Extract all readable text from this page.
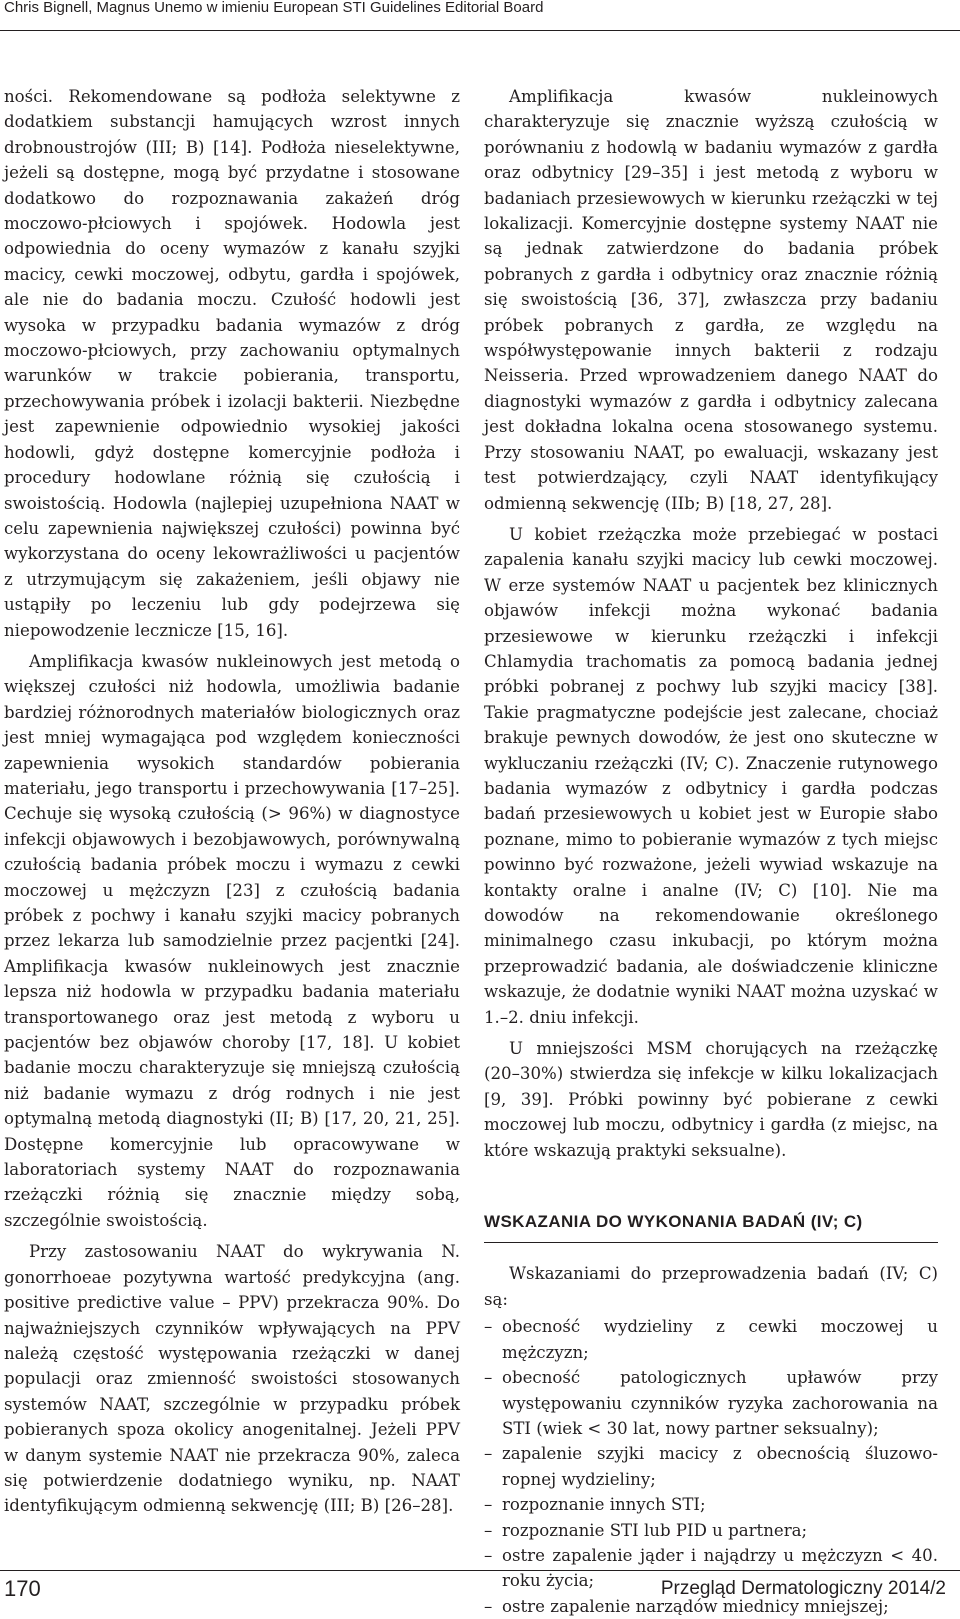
Chris Bignell, Magnus Unemo w imieniu European STI Guidelines Editorial Board

ności. Rekomendowane są podłoża selektywne z dodatkiem substancji hamujących wzrost innych drobnoustrojów (III; B) [14]. Podłoża nieselektywne, jeżeli są dostępne, mogą być przydatne i stosowane dodatkowo do rozpoznawania zakażeń dróg moczowo-płciowych i spojówek. Hodowla jest odpowiednia do oceny wymazów z kanału szyjki macicy, cewki moczowej, odbytu, gardła i spojówek, ale nie do badania moczu. Czułość hodowli jest wysoka w przypadku badania wymazów z dróg moczowo-płciowych, przy zachowaniu optymalnych warunków w trakcie pobierania, transportu, przechowywania próbek i izolacji bakterii. Niezbędne jest zapewnienie odpowiednio wysokiej jakości hodowli, gdyż dostępne komercyjnie podłoża i procedury hodowlane różnią się czułością i swoistością. Hodowla (najlepiej uzupełniona NAAT w celu zapewnienia największej czułości) powinna być wykorzystana do oceny lekowrażliwości u pacjentów z utrzymującym się zakażeniem, jeśli objawy nie ustąpiły po leczeniu lub gdy podejrzewa się niepowodzenie lecznicze [15, 16].

Amplifikacja kwasów nukleinowych jest metodą o większej czułości niż hodowla, umożliwia badanie bardziej różnorodnych materiałów biologicznych oraz jest mniej wymagająca pod względem konieczności zapewnienia wysokich standardów pobierania materiału, jego transportu i przechowywania [17–25]. Cechuje się wysoką czułością (> 96%) w diagnostyce infekcji objawowych i bezobjawowych, porównywalną czułością badania próbek moczu i wymazu z cewki moczowej u mężczyzn [23] z czułością badania próbek z pochwy i kanału szyjki macicy pobranych przez lekarza lub samodzielnie przez pacjentki [24]. Amplifikacja kwasów nukleinowych jest znacznie lepsza niż hodowla w przypadku badania materiału transportowanego oraz jest metodą z wyboru u pacjentów bez objawów choroby [17, 18]. U kobiet badanie moczu charakteryzuje się mniejszą czułością niż badanie wymazu z dróg rodnych i nie jest optymalną metodą diagnostyki (II; B) [17, 20, 21, 25]. Dostępne komercyjnie lub opracowywane w laboratoriach systemy NAAT do rozpoznawania rzeżączki różnią się znacznie między sobą, szczególnie swoistością.

Przy zastosowaniu NAAT do wykrywania N. gonorrhoeae pozytywna wartość predykcyjna (ang. positive predictive value – PPV) przekracza 90%. Do najważniejszych czynników wpływających na PPV należą częstość występowania rzeżączki w danej populacji oraz zmienność swoistości stosowanych systemów NAAT, szczególnie w przypadku próbek pobieranych spoza okolicy anogenitalnej. Jeżeli PPV w danym systemie NAAT nie przekracza 90%, zaleca się potwierdzenie dodatniego wyniku, np. NAAT identyfikującym odmienną sekwencję (III; B) [26–28].

Amplifikacja kwasów nukleinowych charakteryzuje się znacznie wyższą czułością w porównaniu z hodowlą w badaniu wymazów z gardła oraz odbytnicy [29–35] i jest metodą z wyboru w badaniach przesiewowych w kierunku rzeżączki w tej lokalizacji. Komercyjnie dostępne systemy NAAT nie są jednak zatwierdzone do badania próbek pobranych z gardła i odbytnicy oraz znacznie różnią się swoistością [36, 37], zwłaszcza przy badaniu próbek pobranych z gardła, ze względu na współwystępowanie innych bakterii z rodzaju Neisseria. Przed wprowadzeniem danego NAAT do diagnostyki wymazów z gardła i odbytnicy zalecana jest dokładna lokalna ocena stosowanego systemu. Przy stosowaniu NAAT, po ewaluacji, wskazany jest test potwierdzający, czyli NAAT identyfikujący odmienną sekwencję (IIb; B) [18, 27, 28].

U kobiet rzeżączka może przebiegać w postaci zapalenia kanału szyjki macicy lub cewki moczowej. W erze systemów NAAT u pacjentek bez klinicznych objawów infekcji można wykonać badania przesiewowe w kierunku rzeżączki i infekcji Chlamydia trachomatis za pomocą badania jednej próbki pobranej z pochwy lub szyjki macicy [38]. Takie pragmatyczne podejście jest zalecane, chociaż brakuje pewnych dowodów, że jest ono skuteczne w wykluczaniu rzeżączki (IV; C). Znaczenie rutynowego badania wymazów z odbytnicy i gardła podczas badań przesiewowych u kobiet jest w Europie słabo poznane, mimo to pobieranie wymazów z tych miejsc powinno być rozważone, jeżeli wywiad wskazuje na kontakty oralne i analne (IV; C) [10]. Nie ma dowodów na rekomendowanie określonego minimalnego czasu inkubacji, po którym można przeprowadzić badania, ale doświadczenie kliniczne wskazuje, że dodatnie wyniki NAAT można uzyskać w 1.–2. dniu infekcji.

U mniejszości MSM chorujących na rzeżączkę (20–30%) stwierdza się infekcje w kilku lokalizacjach [9, 39]. Próbki powinny być pobierane z cewki moczowej lub moczu, odbytnicy i gardła (z miejsc, na które wskazują praktyki seksualne).

WSKAZANIA DO WYKONANIA BADAŃ (IV; C)

Wskazaniami do przeprowadzenia badań (IV; C) są:

– obecność wydzieliny z cewki moczowej u mężczyzn;
– obecność patologicznych upławów przy występowaniu czynników ryzyka zachorowania na STI (wiek < 30 lat, nowy partner seksualny);
– zapalenie szyjki macicy z obecnością śluzowo-ropnej wydzieliny;
– rozpoznanie innych STI;
– rozpoznanie STI lub PID u partnera;
– ostre zapalenie jąder i najądrzy u mężczyzn < 40. roku życia;
– ostre zapalenie narządów miednicy mniejszej;
170	Przegląd Dermatologiczny 2014/2
